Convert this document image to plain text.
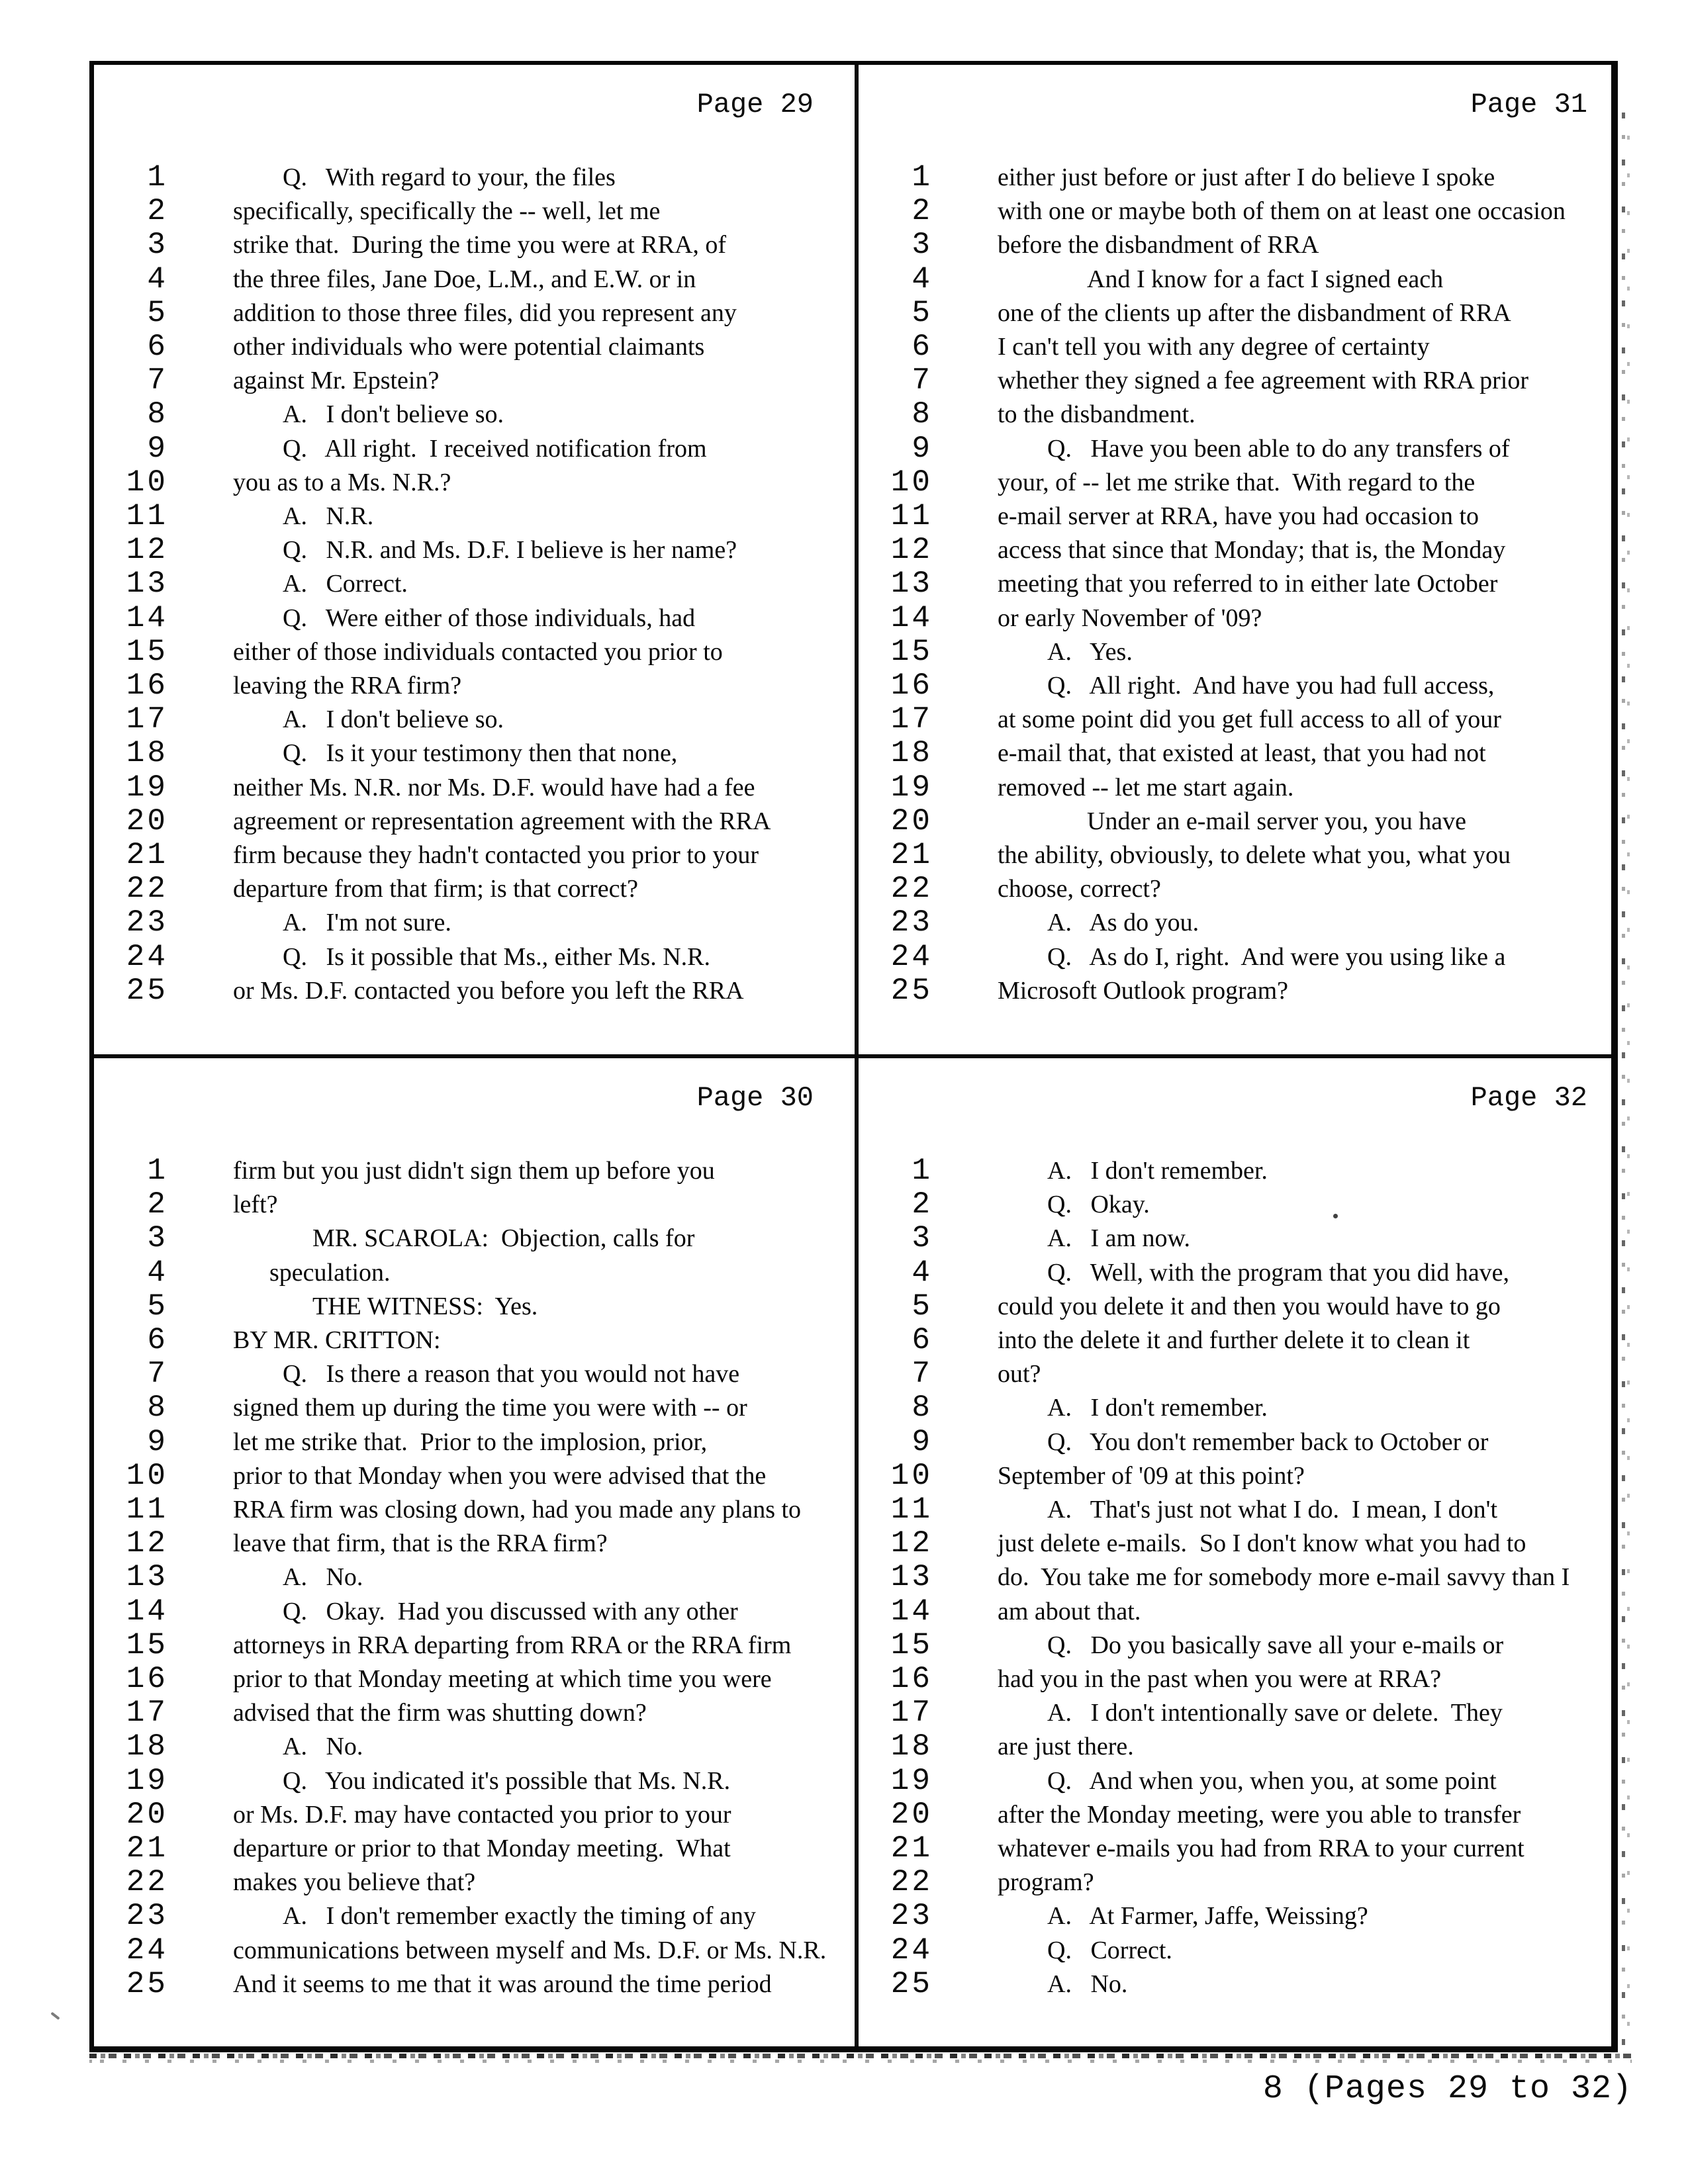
Page 29
1	Q.   With regard to your, the files
2	specifically, specifically the -- well, let me
3	strike that.  During the time you were at RRA, of
4	the three files, Jane Doe, L.M., and E.W. or in
5	addition to those three files, did you represent any
6	other individuals who were potential claimants
7	against Mr. Epstein?
8	A.   I don't believe so.
9	Q.   All right.  I received notification from
10	you as to a Ms. N.R.?
11	A.   N.R.
12	Q.   N.R. and Ms. D.F. I believe is her name?
13	A.   Correct.
14	Q.   Were either of those individuals, had
15	either of those individuals contacted you prior to
16	leaving the RRA firm?
17	A.   I don't believe so.
18	Q.   Is it your testimony then that none,
19	neither Ms. N.R. nor Ms. D.F. would have had a fee
20	agreement or representation agreement with the RRA
21	firm because they hadn't contacted you prior to your
22	departure from that firm; is that correct?
23	A.   I'm not sure.
24	Q.   Is it possible that Ms., either Ms. N.R.
25	or Ms. D.F. contacted you before you left the RRA
Page 31
1	either just before or just after I do believe I spoke
2	with one or maybe both of them on at least one occasion
3	before the disbandment of RRA
4	And I know for a fact I signed each
5	one of the clients up after the disbandment of RRA
6	I can't tell you with any degree of certainty
7	whether they signed a fee agreement with RRA prior
8	to the disbandment.
9	Q.   Have you been able to do any transfers of
10	your, of -- let me strike that.  With regard to the
11	e-mail server at RRA, have you had occasion to
12	access that since that Monday; that is, the Monday
13	meeting that you referred to in either late October
14	or early November of '09?
15	A.   Yes.
16	Q.   All right.  And have you had full access,
17	at some point did you get full access to all of your
18	e-mail that, that existed at least, that you had not
19	removed -- let me start again.
20	Under an e-mail server you, you have
21	the ability, obviously, to delete what you, what you
22	choose, correct?
23	A.   As do you.
24	Q.   As do I, right.  And were you using like a
25	Microsoft Outlook program?
Page 30
1	firm but you just didn't sign them up before you
2	left?
3	MR. SCAROLA:  Objection, calls for
4	speculation.
5	THE WITNESS:  Yes.
6	BY MR. CRITTON:
7	Q.   Is there a reason that you would not have
8	signed them up during the time you were with -- or
9	let me strike that.  Prior to the implosion, prior,
10	prior to that Monday when you were advised that the
11	RRA firm was closing down, had you made any plans to
12	leave that firm, that is the RRA firm?
13	A.   No.
14	Q.   Okay.  Had you discussed with any other
15	attorneys in RRA departing from RRA or the RRA firm
16	prior to that Monday meeting at which time you were
17	advised that the firm was shutting down?
18	A.   No.
19	Q.   You indicated it's possible that Ms. N.R.
20	or Ms. D.F. may have contacted you prior to your
21	departure or prior to that Monday meeting.  What
22	makes you believe that?
23	A.   I don't remember exactly the timing of any
24	communications between myself and Ms. D.F. or Ms. N.R.
25	And it seems to me that it was around the time period
Page 32
1	A.   I don't remember.
2	Q.   Okay.
3	A.   I am now.
4	Q.   Well, with the program that you did have,
5	could you delete it and then you would have to go
6	into the delete it and further delete it to clean it
7	out?
8	A.   I don't remember.
9	Q.   You don't remember back to October or
10	September of '09 at this point?
11	A.   That's just not what I do.  I mean, I don't
12	just delete e-mails.  So I don't know what you had to
13	do.  You take me for somebody more e-mail savvy than I
14	am about that.
15	Q.   Do you basically save all your e-mails or
16	had you in the past when you were at RRA?
17	A.   I don't intentionally save or delete.  They
18	are just there.
19	Q.   And when you, when you, at some point
20	after the Monday meeting, were you able to transfer
21	whatever e-mails you had from RRA to your current
22	program?
23	A.   At Farmer, Jaffe, Weissing?
24	Q.   Correct.
25	A.   No.
8 (Pages 29 to 32)
